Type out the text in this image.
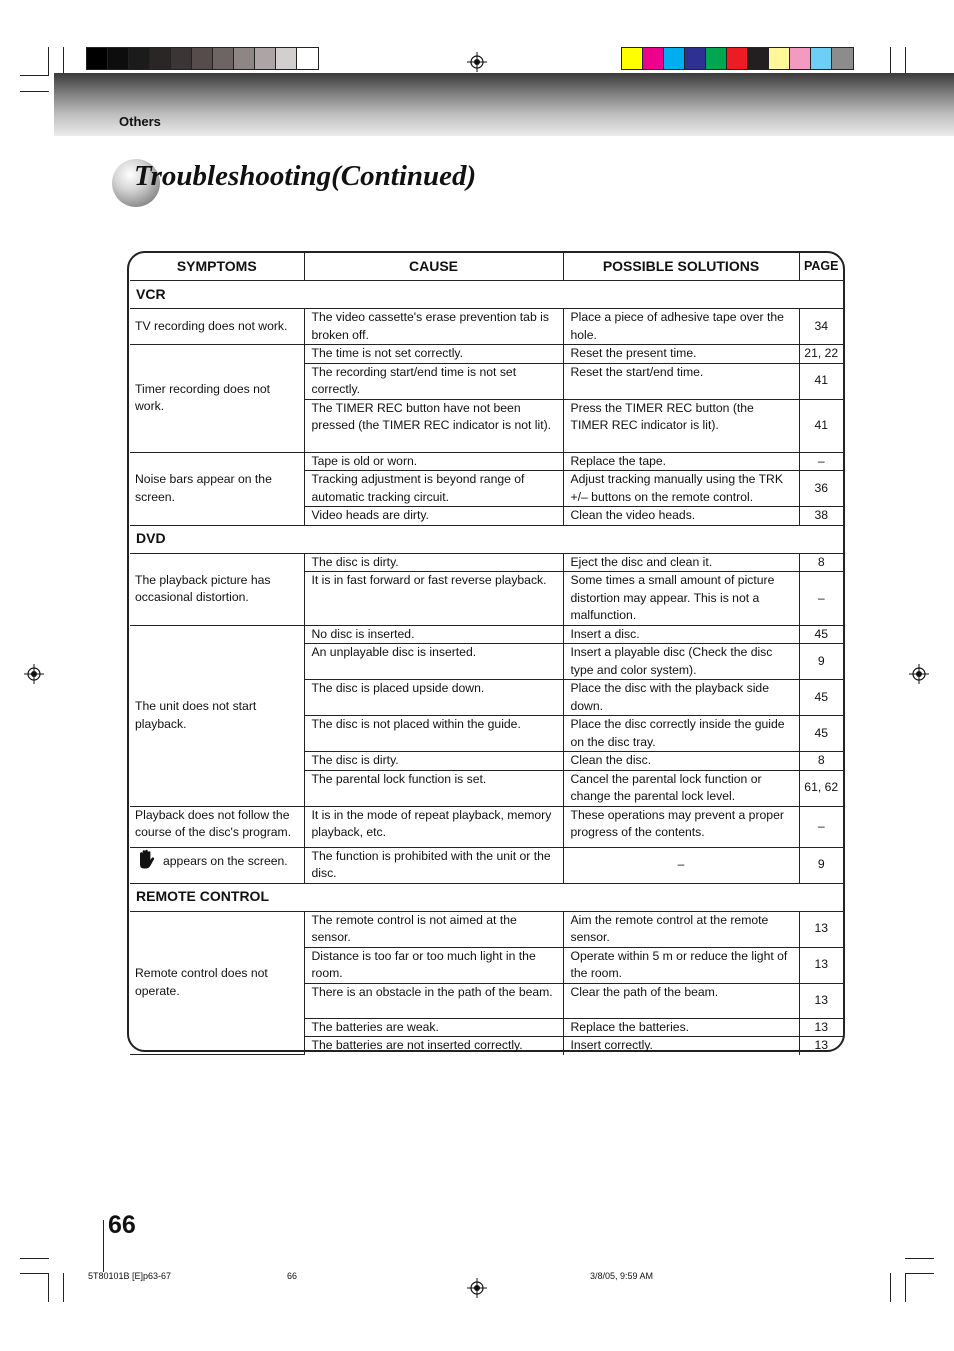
Others
Troubleshooting(Continued)
SYMPTOMS	CAUSE	POSSIBLE SOLUTIONS	PAGE
VCR			
TV recording does not work.	The video cassette's erase prevention tab is broken off.	Place a piece of adhesive tape over the hole.	34
Timer recording does not work.	The time is not set correctly.	Reset the present time.	21, 22
	The recording start/end time is not set correctly.	Reset the start/end time.	41
	The TIMER REC button have not been pressed (the TIMER REC indicator is not lit).	Press the TIMER REC button (the TIMER REC indicator is lit).	41
Noise bars appear on the screen.	Tape is old or worn.	Replace the tape.	–
	Tracking adjustment is beyond range of automatic tracking circuit.	Adjust tracking manually using the TRK +/– buttons on the remote control.	36
	Video heads are dirty.	Clean the video heads.	38
DVD			
The playback picture has occasional distortion.	The disc is dirty.	Eject the disc and clean it.	8
	It is in fast forward or fast reverse playback.	Some times a small amount of picture distortion may appear. This is not a malfunction.	–
The unit does not start playback.	No disc is inserted.	Insert a disc.	45
	An unplayable disc is inserted.	Insert a playable disc (Check the disc type and color system).	9
	The disc is placed upside down.	Place the disc with the playback side down.	45
	The disc is not placed within the guide.	Place the disc correctly inside the guide on the disc tray.	45
	The disc is dirty.	Clean the disc.	8
	The parental lock function is set.	Cancel the parental lock function or change the parental lock level.	61, 62
Playback does not follow the course of the disc's program.	It is in the mode of repeat playback, memory playback, etc.	These operations may prevent a proper progress of the contents.	–
appears on the screen.	The function is prohibited with the unit or the disc.	–	9
REMOTE CONTROL			
Remote control does not operate.	The remote control is not aimed at the sensor.	Aim the remote control at the remote sensor.	13
	Distance is too far or too much light in the room.	Operate within 5 m or reduce the light of the room.	13
	There is an obstacle in the path of the beam.	Clear the path of the beam.	13
	The batteries are weak.	Replace the batteries.	13
	The batteries are not inserted correctly.	Insert correctly.	13
66
5T80101B [E]p63-67	66	3/8/05, 9:59 AM
